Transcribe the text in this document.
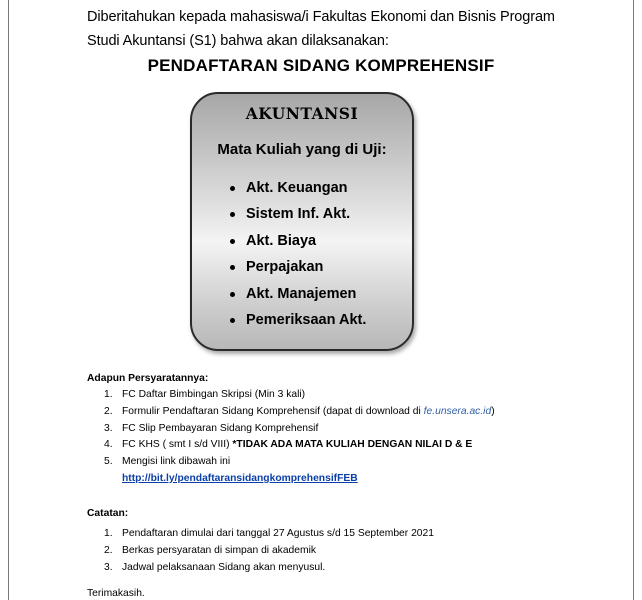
Diberitahukan kepada mahasiswa/i Fakultas Ekonomi dan Bisnis Program
Studi Akuntansi (S1) bahwa akan dilaksanakan:
PENDAFTARAN SIDANG KOMPREHENSIF
AKUNTANSI
Mata Kuliah yang di Uji:
Akt. Keuangan
Sistem Inf. Akt.
Akt. Biaya
Perpajakan
Akt. Manajemen
Pemeriksaan Akt.
Adapun Persyaratannya:
1. FC Daftar Bimbingan Skripsi (Min 3 kali)
2. Formulir Pendaftaran Sidang Komprehensif (dapat di download di fe.unsera.ac.id)
3. FC Slip Pembayaran Sidang Komprehensif
4. FC KHS ( smt I s/d VIII) *TIDAK ADA MATA KULIAH DENGAN NILAI D & E
5. Mengisi link dibawah ini
http://bit.ly/pendaftaransidangkomprehensifFEB
Catatan:
1. Pendaftaran dimulai dari tanggal 27 Agustus s/d 15 September 2021
2. Berkas persyaratan di simpan di akademik
3. Jadwal pelaksanaan Sidang akan menyusul.
Terimakasih.
